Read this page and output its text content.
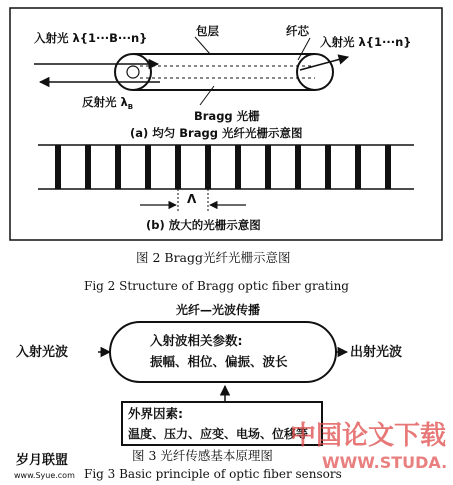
入射光 λ{1···B···n}	包层	纤芯
入射光 λ{1···n}
反射光 $\lambda_B$
Bragg 光栅
(a) 均匀 Bragg 光纤光栅示意图
Λ
(b) 放大的光栅示意图
图 2 Bragg光纤光栅示意图
Fig 2 Structure of Bragg optic fiber grating
光纤—光波传播
入射波相关参数:
振幅、相位、偏振、波长
入射光波	出射光波
外界因素:
温度、压力、应变、电场、位移等
图 3 光纤传感基本原理图
Fig 3 Basic principle of optic fiber sensors
岁月联盟
www.Syue.com
中国论文下载
WWW.STUDA.
